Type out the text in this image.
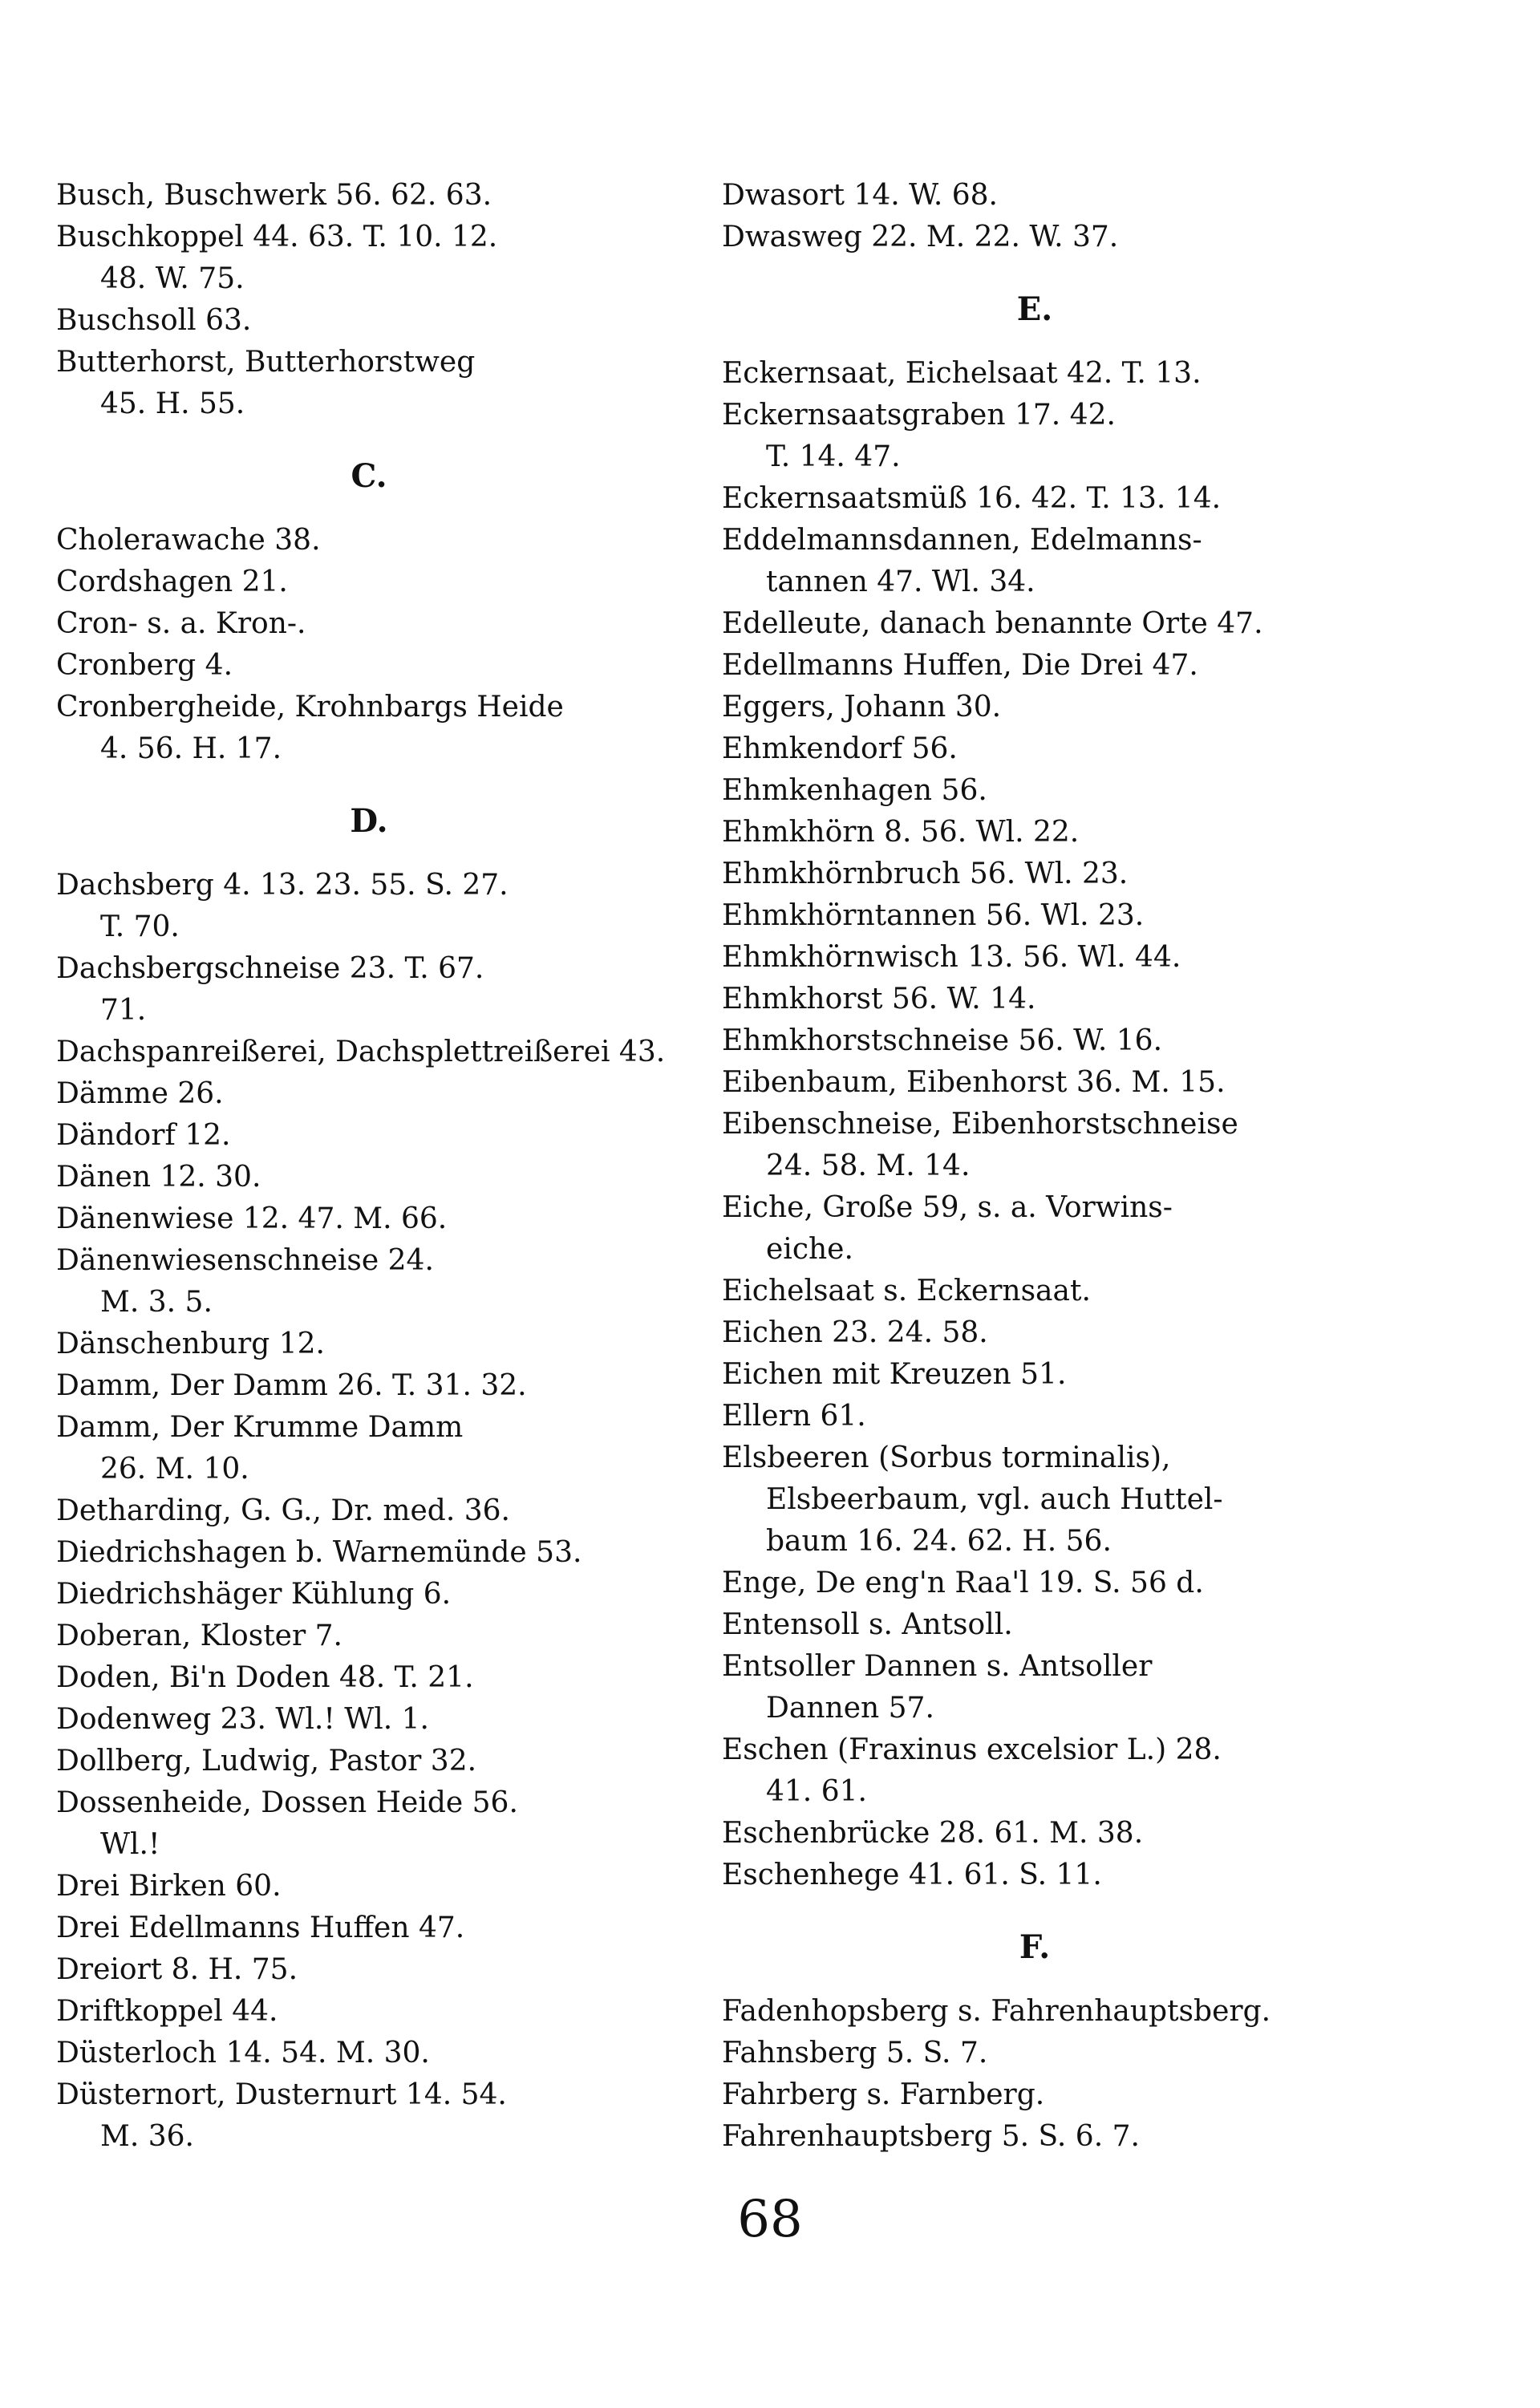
Busch, Buschwerk 56. 62. 63.
Buschkoppel 44. 63. T. 10. 12.
48. W. 75.
Buschsoll 63.
Butterhorst, Butterhorstweg
45. H. 55.
C.
Cholerawache 38.
Cordshagen 21.
Cron- s. a. Kron-.
Cronberg 4.
Cronbergheide, Krohnbargs Heide
4. 56. H. 17.
D.
Dachsberg 4. 13. 23. 55. S. 27.
T. 70.
Dachsbergschneise 23. T. 67.
71.
Dachspanreißerei, Dachsplettreißerei 43.
Dämme 26.
Dändorf 12.
Dänen 12. 30.
Dänenwiese 12. 47. M. 66.
Dänenwiesenschneise 24.
M. 3. 5.
Dänschenburg 12.
Damm, Der Damm 26. T. 31. 32.
Damm, Der Krumme Damm
26. M. 10.
Detharding, G. G., Dr. med. 36.
Diedrichshagen b. Warnemünde 53.
Diedrichshäger Kühlung 6.
Doberan, Kloster 7.
Doden, Bi'n Doden 48. T. 21.
Dodenweg 23. Wl.! Wl. 1.
Dollberg, Ludwig, Pastor 32.
Dossenheide, Dossen Heide 56.
Wl.!
Drei Birken 60.
Drei Edellmanns Huffen 47.
Dreiort 8. H. 75.
Driftkoppel 44.
Düsterloch 14. 54. M. 30.
Düsternort, Dusternurt 14. 54.
M. 36.
Dwasort 14. W. 68.
Dwasweg 22. M. 22. W. 37.
E.
Eckernsaat, Eichelsaat 42. T. 13.
Eckernsaatsgraben 17. 42.
T. 14. 47.
Eckernsaatsmüß 16. 42. T. 13. 14.
Eddelmannsdannen, Edelmanns-
tannen 47. Wl. 34.
Edelleute, danach benannte Orte 47.
Edellmanns Huffen, Die Drei 47.
Eggers, Johann 30.
Ehmkendorf 56.
Ehmkenhagen 56.
Ehmkhörn 8. 56. Wl. 22.
Ehmkhörnbruch 56. Wl. 23.
Ehmkhörntannen 56. Wl. 23.
Ehmkhörnwisch 13. 56. Wl. 44.
Ehmkhorst 56. W. 14.
Ehmkhorstschneise 56. W. 16.
Eibenbaum, Eibenhorst 36. M. 15.
Eibenschneise, Eibenhorstschneise
24. 58. M. 14.
Eiche, Große 59, s. a. Vorwins-
eiche.
Eichelsaat s. Eckernsaat.
Eichen 23. 24. 58.
Eichen mit Kreuzen 51.
Ellern 61.
Elsbeeren (Sorbus torminalis),
Elsbeerbaum, vgl. auch Huttel-
baum 16. 24. 62. H. 56.
Enge, De eng'n Raa'l 19. S. 56 d.
Entensoll s. Antsoll.
Entsoller Dannen s. Antsoller
Dannen 57.
Eschen (Fraxinus excelsior L.) 28.
41. 61.
Eschenbrücke 28. 61. M. 38.
Eschenhege 41. 61. S. 11.
F.
Fadenhopsberg s. Fahrenhauptsberg.
Fahnsberg 5. S. 7.
Fahrberg s. Farnberg.
Fahrenhauptsberg 5. S. 6. 7.
68
